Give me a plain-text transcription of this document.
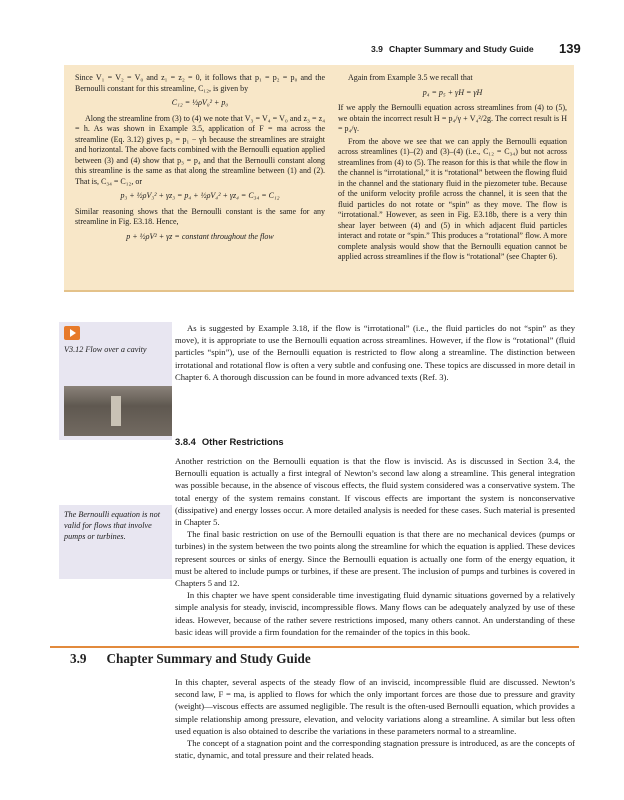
3.9 Chapter Summary and Study Guide 139

Since V₁ = V₂ = V₀ and z₁ = z₂ = 0, it follows that p₁ = p₂ = p₀ and the Bernoulli constant for this streamline, C₁₂, is given by

C₁₂ = ½ρV₀² + p₀

Along the streamline from (3) to (4) we note that V₃ = V₄ = V₀ and z₃ = z₄ = h. As was shown in Example 3.5, application of F = ma across the streamline (Eq. 3.12) gives p₃ = p₁ − γh because the streamlines are straight and horizontal. The above facts combined with the Bernoulli equation applied between (3) and (4) show that p₃ = p₄ and that the Bernoulli constant along this streamline is the same as that along the streamline between (1) and (2). That is, C₃₄ = C₁₂, or

p₃ + ½ρV₃² + γz₃ = p₄ + ½ρV₄² + γz₄ = C₃₄ = C₁₂

Similar reasoning shows that the Bernoulli constant is the same for any streamline in Fig. E3.18. Hence,

p + ½ρV² + γz = constant throughout the flow

Again from Example 3.5 we recall that

p₄ = p₅ + γH = γH

If we apply the Bernoulli equation across streamlines from (4) to (5), we obtain the incorrect result H = p₄/γ + V₄²/2g. The correct result is H = p₄/γ.

From the above we see that we can apply the Bernoulli equation across streamlines (1)–(2) and (3)–(4) (i.e., C₁₂ = C₃₄) but not across streamlines from (4) to (5). The reason for this is that while the flow in the channel is “irrotational,” it is “rotational” between the flowing fluid in the channel and the stationary fluid in the piezometer tube. Because of the uniform velocity profile across the channel, it is seen that the fluid particles do not rotate or “spin” as they move. The flow is “irrotational.” However, as seen in Fig. E3.18b, there is a very thin shear layer between (4) and (5) in which adjacent fluid particles interact and rotate or “spin.” This produces a “rotational” flow. A more complete analysis would show that the Bernoulli equation cannot be applied across streamlines if the flow is “rotational” (see Chapter 6).

V3.12 Flow over a cavity
The Bernoulli equation is not valid for flows that involve pumps or turbines.

As is suggested by Example 3.18, if the flow is “irrotational” (i.e., the fluid particles do not “spin” as they move), it is appropriate to use the Bernoulli equation across streamlines. However, if the flow is “rotational” (fluid particles “spin”), use of the Bernoulli equation is restricted to flow along a streamline. The distinction between irrotational and rotational flow is often a very subtle and confusing one. These topics are discussed in more detail in Chapter 6. A thorough discussion can be found in more advanced texts (Ref. 3).

3.8.4 Other Restrictions

Another restriction on the Bernoulli equation is that the flow is inviscid. As is discussed in Section 3.4, the Bernoulli equation is actually a first integral of Newton’s second law along a streamline. This general integration was possible because, in the absence of viscous effects, the fluid system considered was a conservative system. The total energy of the system remains constant. If viscous effects are important the system is nonconservative (dissipative) and energy losses occur. A more detailed analysis is needed for these cases. Such material is presented in Chapter 5.

The final basic restriction on use of the Bernoulli equation is that there are no mechanical devices (pumps or turbines) in the system between the two points along the streamline for which the equation is applied. These devices represent sources or sinks of energy. Since the Bernoulli equation is actually one form of the energy equation, it must be altered to include pumps or turbines, if these are present. The inclusion of pumps and turbines is covered in Chapters 5 and 12.

In this chapter we have spent considerable time investigating fluid dynamic situations governed by a relatively simple analysis for steady, inviscid, incompressible flows. Many flows can be adequately analyzed by use of these ideas. However, because of the rather severe restrictions imposed, many others cannot. An understanding of these basic ideas will provide a firm foundation for the remainder of the topics in this book.

3.9 Chapter Summary and Study Guide

In this chapter, several aspects of the steady flow of an inviscid, incompressible fluid are discussed. Newton’s second law, F = ma, is applied to flows for which the only important forces are those due to pressure and gravity (weight)—viscous effects are assumed negligible. The result is the often-used Bernoulli equation, which provides a simple relationship among pressure, elevation, and velocity variations along a streamline. A similar but less often used equation is also obtained to describe the variations in these parameters normal to a streamline.

The concept of a stagnation point and the corresponding stagnation pressure is introduced, as are the concepts of static, dynamic, and total pressure and their related heads.
